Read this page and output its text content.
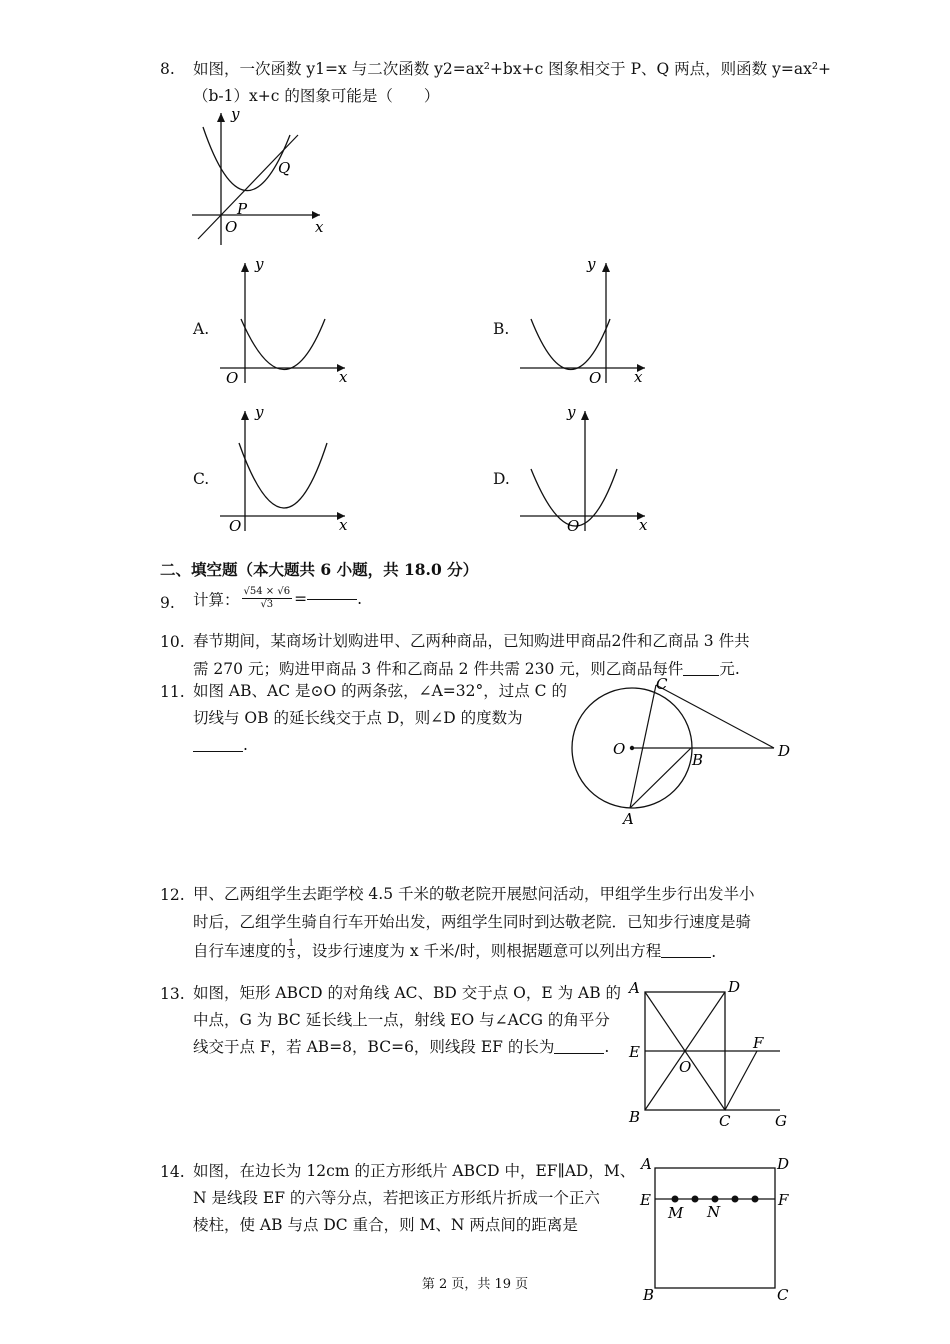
8. 如图，一次函数 y1=x 与二次函数 y2=ax²+bx+c 图象相交于 P、Q 两点，则函数 y=ax²+
（b-1）x+c 的图象可能是（　　）
y
x
O
P
Q
A.
y
x
O
B.
y
x
O
C.
y
x
O
D.
y
x
O
二、填空题（本大题共 6 小题，共 18.0 分）
9. 计算： $\frac{√54 \times √6}{√3}$ =	.
10. 春节期间，某商场计划购进甲、乙两种商品，已知购进甲商品2件和乙商品 3 件共
需 270 元；购进甲商品 3 件和乙商品 2 件共需 230 元，则乙商品每件 元.
11. 如图 AB、AC 是⊙O 的两条弦，∠A=32°，过点 C 的
切线与 OB 的延长线交于点 D，则∠D 的度数为
.
C
O
B	D
A
12. 甲、乙两组学生去距学校 4.5 千米的敬老院开展慰问活动，甲组学生步行出发半小
时后，乙组学生骑自行车开始出发，两组学生同时到达敬老院．已知步行速度是骑
自行车速度的 $\frac{1}{3}$ ，设步行速度为 x 千米/时，则根据题意可以列出方程	.
13. 如图，矩形 ABCD 的对角线 AC、BD 交于点 O，E 为 AB 的
中点，G 为 BC 延长线上一点，射线 EO 与∠ACG 的角平分
线交于点 F，若 AB=8，BC=6，则线段 EF 的长为	.
A	D
E	F
O
B	C	G
14. 如图，在边长为 12cm 的正方形纸片 ABCD 中，EF∥AD，M、
N 是线段 EF 的六等分点，若把该正方形纸片折成一个正六
棱柱，使 AB 与点 DC 重合，则 M、N 两点间的距离是
A	D
E	F
M N
B	C
第 2 页，共 19 页
